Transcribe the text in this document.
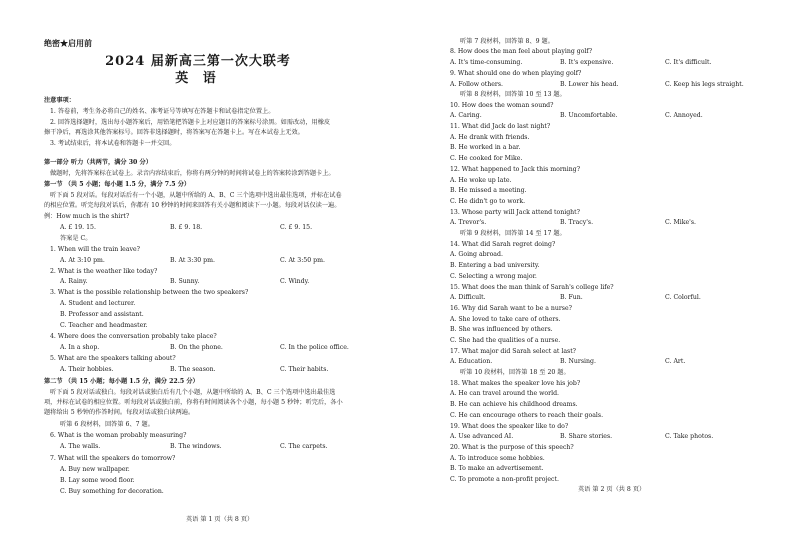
绝密★启用前
2024 届新高三第一次大联考
英 语
注意事项：
1. 答卷前，考生务必将自己的姓名、准考证号等填写在答题卡和试卷指定位置上。
2. 回答选择题时，选出每小题答案后，用铅笔把答题卡上对应题目的答案标号涂黑。如需改动，用橡皮
擦干净后，再选涂其他答案标号。回答非选择题时，将答案写在答题卡上。写在本试卷上无效。
3. 考试结束后，将本试卷和答题卡一并交回。
第一部分 听力（共两节，满分 30 分）
做题时，先将答案标在试卷上。录音内容结束后，你将有两分钟的时间将试卷上的答案转涂到答题卡上。
第一节 （共 5 小题；每小题 1.5 分，满分 7.5 分）
听下面 5 段对话。每段对话后有一个小题，从题中所给的 A、B、C 三个选项中选出最佳选项，并标在试卷
的相应位置。听完每段对话后，你都有 10 秒钟的时间来回答有关小题和阅读下一小题。每段对话仅读一遍。
例：How much is the shirt?
A. £ 19. 15.	B. £ 9. 18.	C. £ 9. 15.
答案是 C。
1. When will the train leave?
A. At 3:10 pm.	B. At 3:30 pm.	C. At 3:50 pm.
2. What is the weather like today?
A. Rainy.	B. Sunny.	C. Windy.
3. What is the possible relationship between the two speakers?
A. Student and lecturer.
B. Professor and assistant.
C. Teacher and headmaster.
4. Where does the conversation probably take place?
A. In a shop.	B. On the phone.	C. In the police office.
5. What are the speakers talking about?
A. Their hobbies.	B. The season.	C. Their habits.
第二节 （共 15 小题；每小题 1.5 分，满分 22.5 分）
听下面 5 段对话或独白。每段对话或独白后有几个小题，从题中所给的 A、B、C 三个选项中选出最佳选
项，并标在试卷的相应位置。听每段对话或独白前，你将有时间阅读各个小题，每小题 5 秒钟；听完后，各小
题将给出 5 秒钟的作答时间。每段对话或独白读两遍。
听第 6 段材料，回答第 6、7 题。
6. What is the woman probably measuring?
A. The walls.	B. The windows.	C. The carpets.
7. What will the speakers do tomorrow?
A. Buy new wallpaper.
B. Lay some wood floor.
C. Buy something for decoration.
英语 第 1 页（共 8 页）
听第 7 段材料，回答第 8、9 题。
8. How does the man feel about playing golf?
A. It's time-consuming.	B. It's expensive.	C. It's difficult.
9. What should one do when playing golf?
A. Follow others.	B. Lower his head.	C. Keep his legs straight.
听第 8 段材料，回答第 10 至 13 题。
10. How does the woman sound?
A. Caring.	B. Uncomfortable.	C. Annoyed.
11. What did Jack do last night?
A. He drank with friends.
B. He worked in a bar.
C. He cooked for Mike.
12. What happened to Jack this morning?
A. He woke up late.
B. He missed a meeting.
C. He didn't go to work.
13. Whose party will Jack attend tonight?
A. Trevor's.	B. Tracy's.	C. Mike's.
听第 9 段材料，回答第 14 至 17 题。
14. What did Sarah regret doing?
A. Going abroad.
B. Entering a bad university.
C. Selecting a wrong major.
15. What does the man think of Sarah's college life?
A. Difficult.	B. Fun.	C. Colorful.
16. Why did Sarah want to be a nurse?
A. She loved to take care of others.
B. She was influenced by others.
C. She had the qualities of a nurse.
17. What major did Sarah select at last?
A. Education.	B. Nursing.	C. Art.
听第 10 段材料，回答第 18 至 20 题。
18. What makes the speaker love his job?
A. He can travel around the world.
B. He can achieve his childhood dreams.
C. He can encourage others to reach their goals.
19. What does the speaker like to do?
A. Use advanced AI.	B. Share stories.	C. Take photos.
20. What is the purpose of this speech?
A. To introduce some hobbies.
B. To make an advertisement.
C. To promote a non-profit project.
英语 第 2 页（共 8 页）
